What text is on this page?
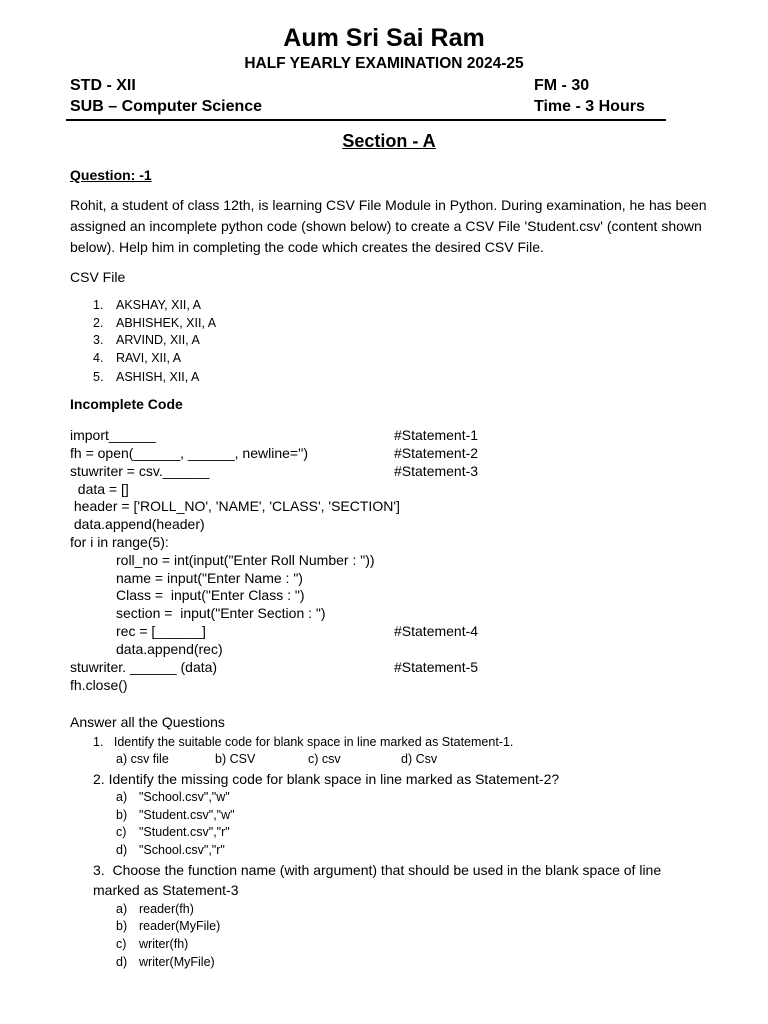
Aum Sri Sai Ram
HALF YEARLY EXAMINATION 2024-25
STD - XII	FM - 30
SUB – Computer Science	Time - 3 Hours
Section - A
Question: -1
Rohit, a student of class 12th, is learning CSV File Module in Python. During examination, he has been assigned an incomplete python code (shown below) to create a CSV File 'Student.csv' (content shown below). Help him in completing the code which creates the desired CSV File.
CSV File
1. AKSHAY, XII, A
2. ABHISHEK, XII, A
3. ARVIND, XII, A
4. RAVI, XII, A
5. ASHISH, XII, A
Incomplete Code
import______	#Statement-1
fh = open(______, ______, newline='')	#Statement-2
stuwriter = csv.______	#Statement-3
data = []
header = ['ROLL_NO', 'NAME', 'CLASS', 'SECTION']
data.append(header)
for i in range(5):
roll_no = int(input("Enter Roll Number : "))
name = input("Enter Name : ")
Class =  input("Enter Class : ")
section =  input("Enter Section : ")
rec = [______]	#Statement-4
data.append(rec)
stuwriter. ______ (data)	#Statement-5
fh.close()
Answer all the Questions
1.   Identify the suitable code for blank space in line marked as Statement-1.
a) csv file	b) CSV	c) csv	d) Csv
2. Identify the missing code for blank space in line marked as Statement-2?
a) "School.csv","w"
b) "Student.csv","w"
c) "Student.csv","r"
d) "School.csv","r"
3.  Choose the function name (with argument) that should be used in the blank space of line
marked as Statement-3
a) reader(fh)
b) reader(MyFile)
c) writer(fh)
d) writer(MyFile)
